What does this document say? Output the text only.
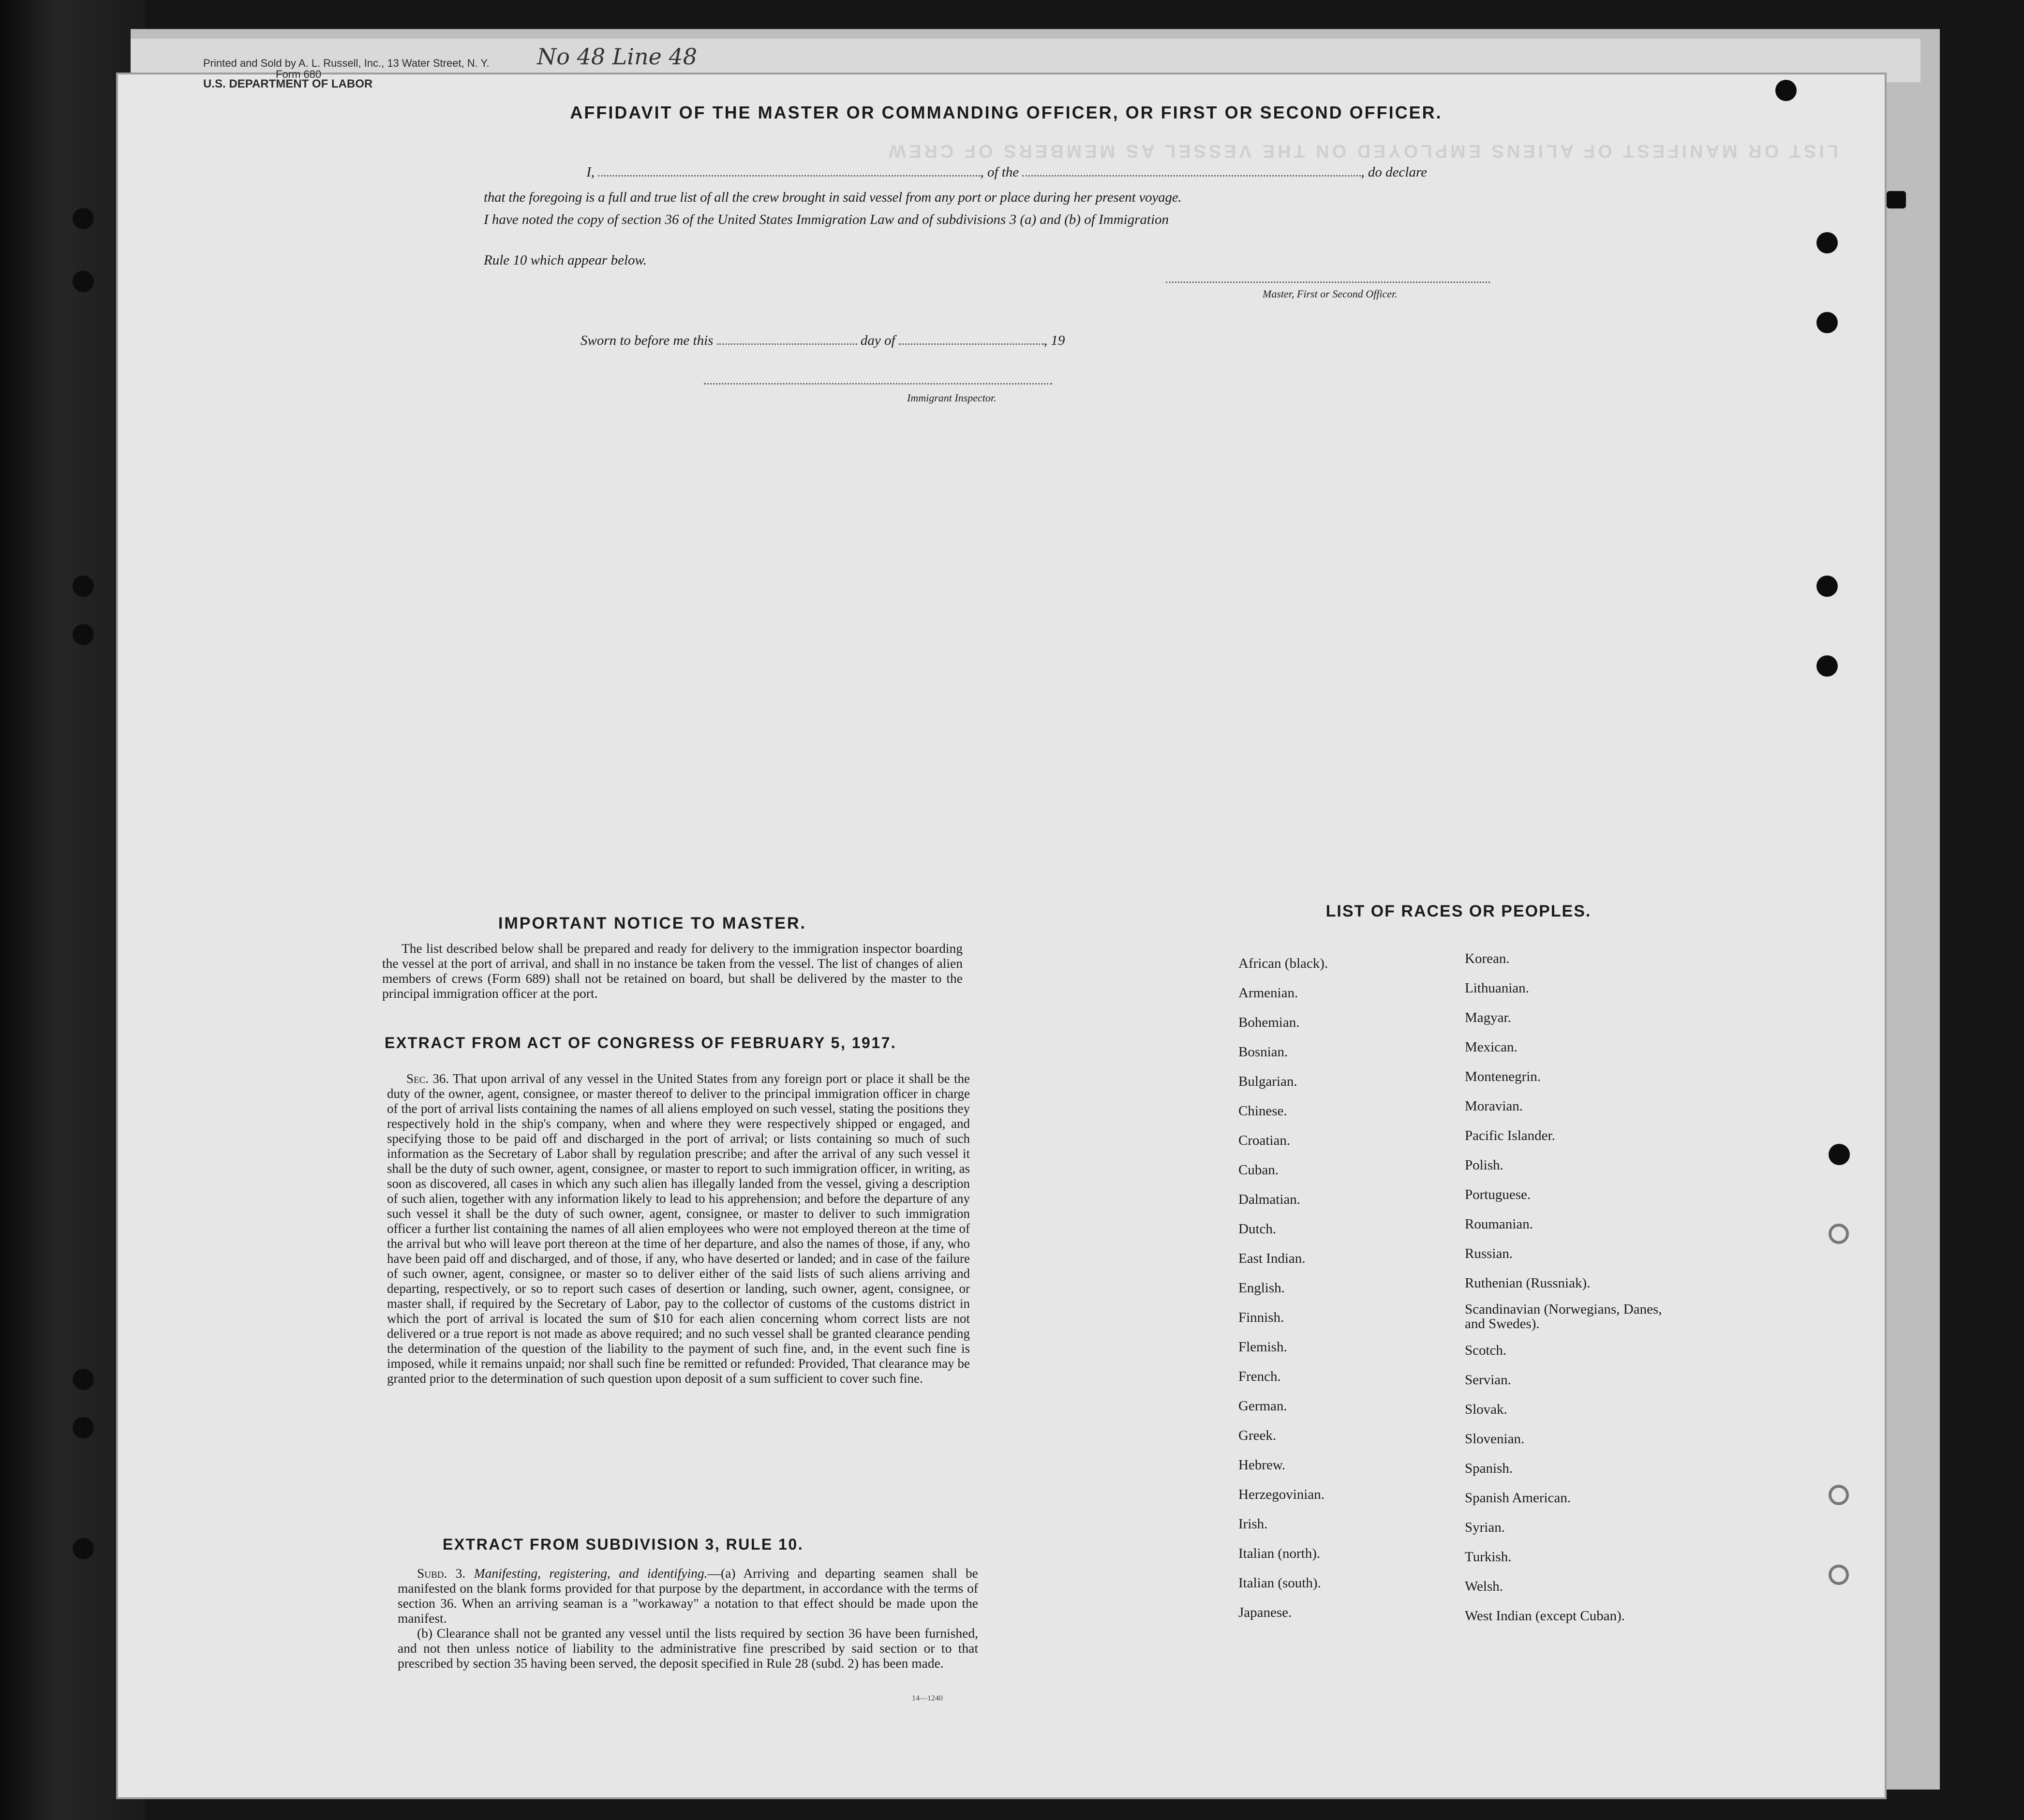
LIST OR MANIFEST OF ALIENS EMPLOYED ON THE VESSEL AS MEMBERS OF CREW
Printed and Sold by A. L. Russell, Inc., 13 Water Street, N. Y.
Form 680
U.S. DEPARTMENT OF LABOR
No 48 Line 48
AFFIDAVIT OF THE MASTER OR COMMANDING OFFICER, OR FIRST OR SECOND OFFICER.
I,	, of the	, do declare
that the foregoing is a full and true list of all the crew brought in said vessel from any port or place during her present voyage.
I have noted the copy of section 36 of the United States Immigration Law and of subdivisions 3 (a) and (b) of Immigration
Rule 10 which appear below.
Master, First or Second Officer.
Sworn to before me this	day of	, 19
Immigrant Inspector.
IMPORTANT NOTICE TO MASTER.

The list described below shall be prepared and ready for delivery to the immigration inspector boarding the vessel at the port of arrival, and shall in no instance be taken from the vessel. The list of changes of alien members of crews (Form 689) shall not be retained on board, but shall be delivered by the master to the principal immigration officer at the port.

EXTRACT FROM ACT OF CONGRESS OF FEBRUARY 5, 1917.

Sec. 36. That upon arrival of any vessel in the United States from any foreign port or place it shall be the duty of the owner, agent, consignee, or master thereof to deliver to the principal immigration officer in charge of the port of arrival lists containing the names of all aliens employed on such vessel, stating the positions they respectively hold in the ship's company, when and where they were respectively shipped or engaged, and specifying those to be paid off and discharged in the port of arrival; or lists containing so much of such information as the Secretary of Labor shall by regulation prescribe; and after the arrival of any such vessel it shall be the duty of such owner, agent, consignee, or master to report to such immigration officer, in writing, as soon as discovered, all cases in which any such alien has illegally landed from the vessel, giving a description of such alien, together with any information likely to lead to his apprehension; and before the departure of any such vessel it shall be the duty of such owner, agent, consignee, or master to deliver to such immigration officer a further list containing the names of all alien employees who were not employed thereon at the time of the arrival but who will leave port thereon at the time of her departure, and also the names of those, if any, who have been paid off and discharged, and of those, if any, who have deserted or landed; and in case of the failure of such owner, agent, consignee, or master so to deliver either of the said lists of such aliens arriving and departing, respectively, or so to report such cases of desertion or landing, such owner, agent, consignee, or master shall, if required by the Secretary of Labor, pay to the collector of customs of the customs district in which the port of arrival is located the sum of $10 for each alien concerning whom correct lists are not delivered or a true report is not made as above required; and no such vessel shall be granted clearance pending the determination of the question of the liability to the payment of such fine, and, in the event such fine is imposed, while it remains unpaid; nor shall such fine be remitted or refunded: Provided, That clearance may be granted prior to the determination of such question upon deposit of a sum sufficient to cover such fine.

EXTRACT FROM SUBDIVISION 3, RULE 10.

Subd. 3. Manifesting, registering, and identifying.—(a) Arriving and departing seamen shall be manifested on the blank forms provided for that purpose by the department, in accordance with the terms of section 36. When an arriving seaman is a "workaway" a notation to that effect should be made upon the manifest.

(b) Clearance shall not be granted any vessel until the lists required by section 36 have been furnished, and not then unless notice of liability to the administrative fine prescribed by said section or to that prescribed by section 35 having been served, the deposit specified in Rule 28 (subd. 2) has been made.

14—1240
LIST OF RACES OR PEOPLES.
African (black).
Armenian.
Bohemian.
Bosnian.
Bulgarian.
Chinese.
Croatian.
Cuban.
Dalmatian.
Dutch.
East Indian.
English.
Finnish.
Flemish.
French.
German.
Greek.
Hebrew.
Herzegovinian.
Irish.
Italian (north).
Italian (south).
Japanese.
Korean.
Lithuanian.
Magyar.
Mexican.
Montenegrin.
Moravian.
Pacific Islander.
Polish.
Portuguese.
Roumanian.
Russian.
Ruthenian (Russniak).
Scandinavian (Norwegians, Danes, and Swedes).
Scotch.
Servian.
Slovak.
Slovenian.
Spanish.
Spanish American.
Syrian.
Turkish.
Welsh.
West Indian (except Cuban).
